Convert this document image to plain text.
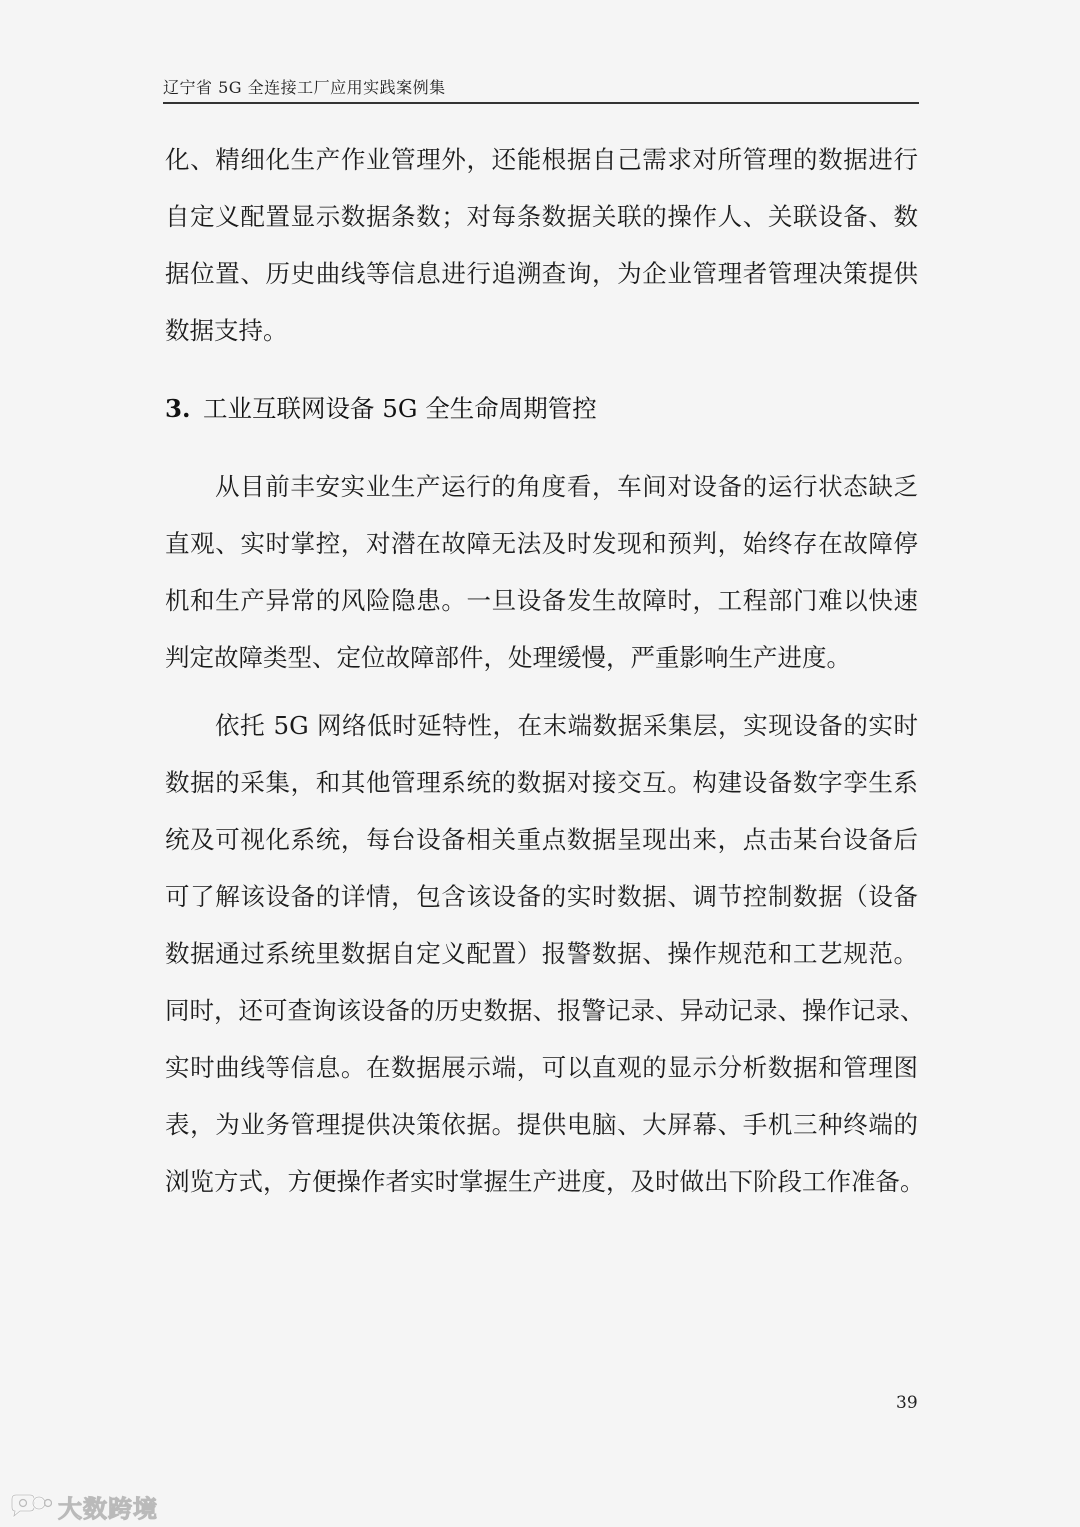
辽宁省 5G 全连接工厂应用实践案例集
化、精细化生产作业管理外，还能根据自己需求对所管理的数据进行
自定义配置显示数据条数；对每条数据关联的操作人、关联设备、数
据位置、历史曲线等信息进行追溯查询，为企业管理者管理决策提供
数据支持。
3. 工业互联网设备 5G 全生命周期管控
从目前丰安实业生产运行的角度看，车间对设备的运行状态缺乏
直观、实时掌控，对潜在故障无法及时发现和预判，始终存在故障停
机和生产异常的风险隐患。一旦设备发生故障时，工程部门难以快速
判定故障类型、定位故障部件，处理缓慢，严重影响生产进度。
依托 5G 网络低时延特性，在末端数据采集层，实现设备的实时
数据的采集，和其他管理系统的数据对接交互。构建设备数字孪生系
统及可视化系统，每台设备相关重点数据呈现出来，点击某台设备后
可了解该设备的详情，包含该设备的实时数据、调节控制数据（设备
数据通过系统里数据自定义配置）报警数据、操作规范和工艺规范。
同时，还可查询该设备的历史数据、报警记录、异动记录、操作记录、
实时曲线等信息。在数据展示端，可以直观的显示分析数据和管理图
表，为业务管理提供决策依据。提供电脑、大屏幕、手机三种终端的
浏览方式，方便操作者实时掌握生产进度，及时做出下阶段工作准备。
39
大数跨境
